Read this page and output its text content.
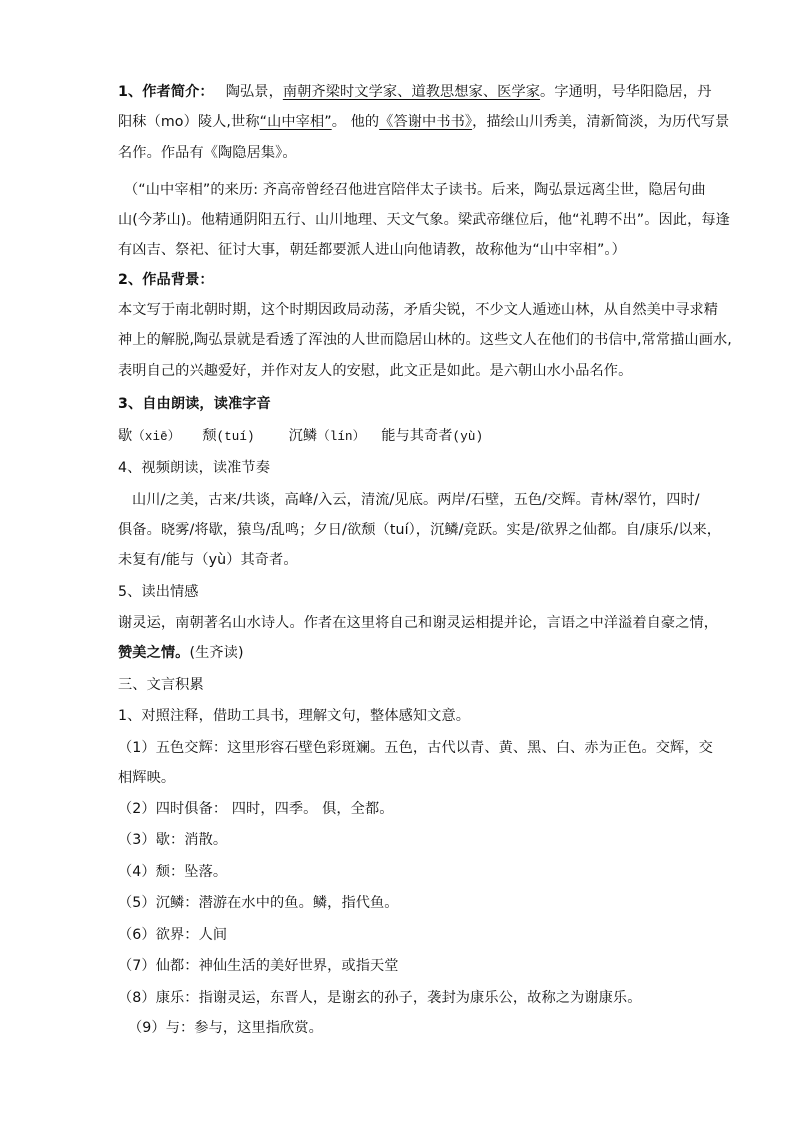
1、作者简介： 陶弘景，南朝齐梁时文学家、道教思想家、医学家。字通明，号华阳隐居，丹
阳秣（mo）陵人,世称“山中宰相”。 他的《答谢中书书》，描绘山川秀美，清新简淡，为历代写景
名作。作品有《陶隐居集》。
（“山中宰相”的来历: 齐高帝曾经召他进宫陪伴太子读书。后来，陶弘景远离尘世，隐居句曲
山(今茅山)。他精通阴阳五行、山川地理、天文气象。梁武帝继位后，他“礼聘不出”。因此，每逢
有凶吉、祭祀、征讨大事，朝廷都要派人进山向他请教，故称他为“山中宰相”。）
2、作品背景：
本文写于南北朝时期，这个时期因政局动荡，矛盾尖锐，不少文人遁迹山林，从自然美中寻求精
神上的解脱,陶弘景就是看透了浑浊的人世而隐居山林的。这些文人在他们的书信中,常常描山画水,
表明自己的兴趣爱好，并作对友人的安慰，此文正是如此。是六朝山水小品名作。
3、自由朗读，读准字音
歇（xiē） 颓(tuí) 沉鳞（lín） 能与其奇者(yù)
4、视频朗读，读准节奏
山川/之美，古来/共谈，高峰/入云，清流/见底。两岸/石壁，五色/交辉。青林/翠竹，四时/
俱备。晓雾/将歇，猿鸟/乱鸣；夕日/欲颓（tuí），沉鳞/竞跃。实是/欲界之仙都。自/康乐/以来，
未复有/能与（yù）其奇者。
5、读出情感
谢灵运，南朝著名山水诗人。作者在这里将自己和谢灵运相提并论，言语之中洋溢着自豪之情，
赞美之情。(生齐读)
三、文言积累
1、对照注释，借助工具书，理解文句，整体感知文意。
（1）五色交辉：这里形容石壁色彩斑斓。五色，古代以青、黄、黑、白、赤为正色。交辉，交
相辉映。
（2）四时俱备： 四时，四季。 俱，全都。
（3）歇：消散。
（4）颓：坠落。
（5）沉鳞：潜游在水中的鱼。鳞，指代鱼。
（6）欲界：人间
（7）仙都：神仙生活的美好世界，或指天堂
（8）康乐：指谢灵运，东晋人，是谢玄的孙子，袭封为康乐公，故称之为谢康乐。
（9）与：参与，这里指欣赏。
